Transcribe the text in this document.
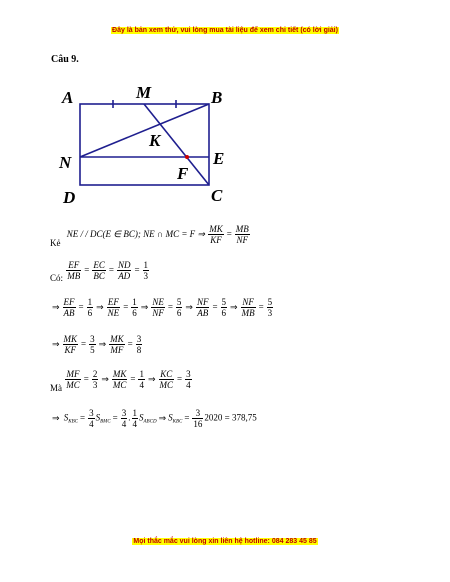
Đây là bản xem thử, vui lòng mua tài liệu để xem chi tiết (có lời giải)
Câu 9.
A	M	B
K
N	E
F
D	C
Kẻ NE / / DC(E ∈ BC); NE ∩ MC = F ⇒ $\frac{MK}{KF} = \frac{MB}{NF}$
Có: $\frac{EF}{MB} = \frac{EC}{BC} = \frac{ND}{AD} = \frac{1}{3}$
⇒ $\frac{EF}{AB} = \frac{1}{6}$ ⇒ $\frac{EF}{NE} = \frac{1}{6}$ ⇒ $\frac{NE}{NF} = \frac{5}{6}$ ⇒ $\frac{NF}{AB} = \frac{5}{6}$ ⇒ $\frac{NF}{MB} = \frac{5}{3}$
⇒ $\frac{MK}{KF} = \frac{3}{5}$ ⇒ $\frac{MK}{MF} = \frac{3}{8}$
Mà $\frac{MF}{MC} = \frac{2}{3}$ ⇒ $\frac{MK}{MC} = \frac{1}{4}$ ⇒ $\frac{KC}{MC} = \frac{3}{4}$
⇒ $S_{KBC} = \frac{3}{4} S_{BMC} = \frac{3}{4}$ . $\frac{1}{4} S_{ABCD}$ ⇒ $S_{KBC} = \frac{3}{16} 2020 = 378,75$
Mọi thắc mắc vui lòng xin liên hệ hotline: 084 283 45 85
